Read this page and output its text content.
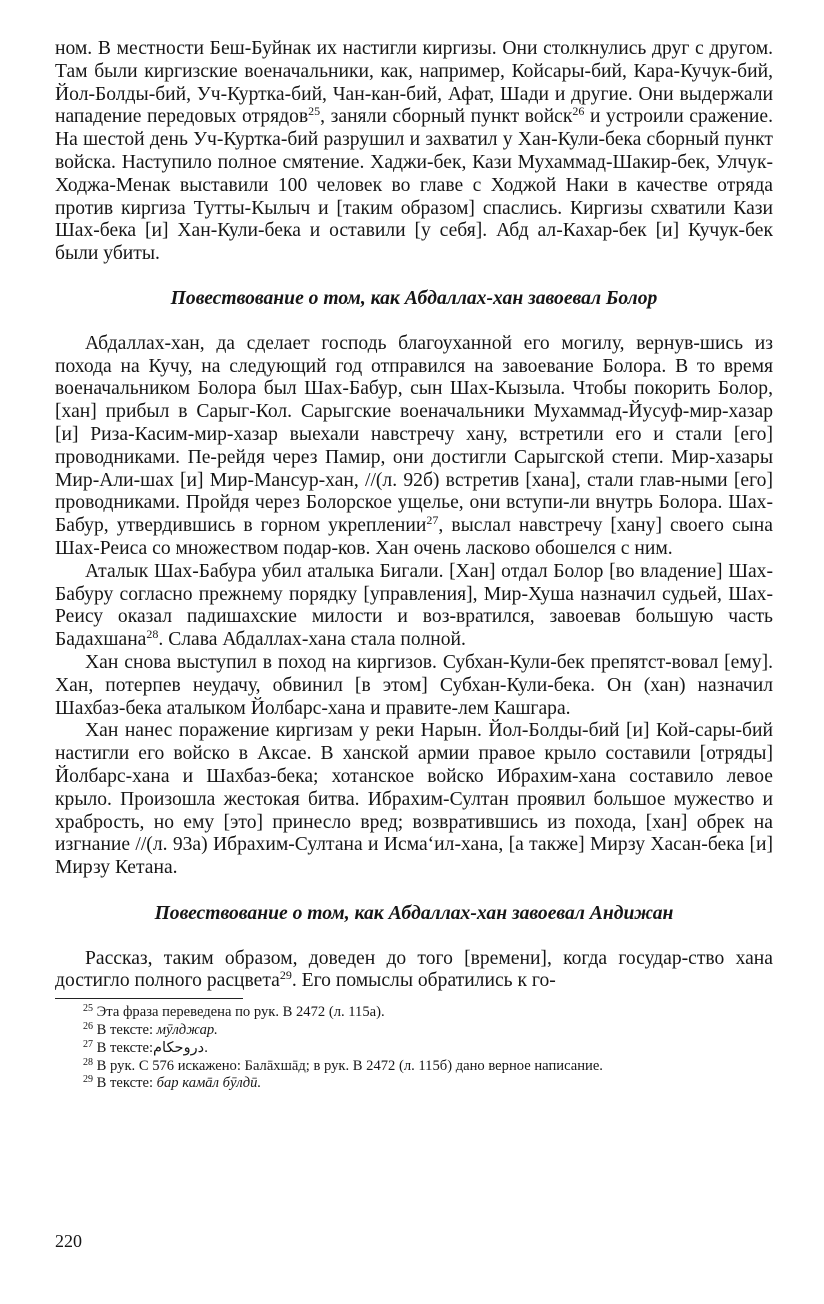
ном. В местности Беш-Буйнак их настигли киргизы. Они столкнулись друг с другом. Там были киргизские военачальники, как, например, Койсары-бий, Кара-Кучук-бий, Йол-Болды-бий, Уч-Куртка-бий, Чан-кан-бий, Афат, Шади и другие. Они выдержали нападение передовых отрядов$^{25}$, заняли сборный пункт войск$^{26}$ и устроили сражение. На шестой день Уч-Куртка-бий разрушил и захватил у Хан-Кули-бека сборный пункт войска. Наступило полное смятение. Хаджи-бек, Кази Мухаммад-Шакир-бек, Улчук-Ходжа-Менак выставили 100 человек во главе с Ходжой Наки в качестве отряда против киргиза Тутты-Кылыч и [таким образом] спаслись. Киргизы схватили Кази Шах-бека [и] Хан-Кули-бека и оставили [у себя]. Абд ал-Кахар-бек [и] Кучук-бек были убиты.

Повествование о том, как Абдаллах-хан завоевал Болор

Абдаллах-хан, да сделает господь благоуханной его могилу, вернув-шись из похода на Кучу, на следующий год отправился на завоевание Болора. В то время военачальником Болора был Шах-Бабур, сын Шах-Кызыла. Чтобы покорить Болор, [хан] прибыл в Сарыг-Кол. Сарыгские военачальники Мухаммад-Йусуф-мир-хазар [и] Риза-Касим-мир-хазар выехали навстречу хану, встретили его и стали [его] проводниками. Пе-рейдя через Памир, они достигли Сарыгской степи. Мир-хазары Мир-Али-шах [и] Мир-Мансур-хан, //(л. 92б) встретив [хана], стали глав-ными [его] проводниками. Пройдя через Болорское ущелье, они вступи-ли внутрь Болора. Шах-Бабур, утвердившись в горном укреплении$^{27}$, выслал навстречу [хану] своего сына Шах-Реиса со множеством подар-ков. Хан очень ласково обошелся с ним.

Аталык Шах-Бабура убил аталыка Бигали. [Хан] отдал Болор [во владение] Шах-Бабуру согласно прежнему порядку [управления], Мир-Хуша назначил судьей, Шах-Реису оказал падишахские милости и воз-вратился, завоевав большую часть Бадахшана$^{28}$. Слава Абдаллах-хана стала полной.

Хан снова выступил в поход на киргизов. Субхан-Кули-бек препятст-вовал [ему]. Хан, потерпев неудачу, обвинил [в этом] Субхан-Кули-бека. Он (хан) назначил Шахбаз-бека аталыком Йолбарс-хана и правите-лем Кашгара.

Хан нанес поражение киргизам у реки Нарын. Йол-Болды-бий [и] Кой-сары-бий настигли его войско в Аксае. В ханской армии правое крыло составили [отряды] Йолбарс-хана и Шахбаз-бека; хотанское войско Ибрахим-хана составило левое крыло. Произошла жестокая битва. Ибрахим-Султан проявил большое мужество и храбрость, но ему [это] принесло вред; возвратившись из похода, [хан] обрек на изгнание //(л. 93а) Ибрахим-Султана и Исма‘ил-хана, [а также] Мирзу Хасан-бека [и] Мирзу Кетана.

Повествование о том, как Абдаллах-хан завоевал Андижан

Рассказ, таким образом, доведен до того [времени], когда государ-ство хана достигло полного расцвета$^{29}$. Его помыслы обратились к го-

$^{25}$ Эта фраза переведена по рук. В 2472 (л. 115а).

$^{26}$ В тексте: мӯлджар.

$^{27}$ В тексте:ﺩﺭﻭﺣﻜﺎﻡ.

$^{28}$ В рук. С 576 искажено: Балāхшāд; в рук. В 2472 (л. 115б) дано верное написание.

$^{29}$ В тексте: бар камāл бӯлдӣ.

220
